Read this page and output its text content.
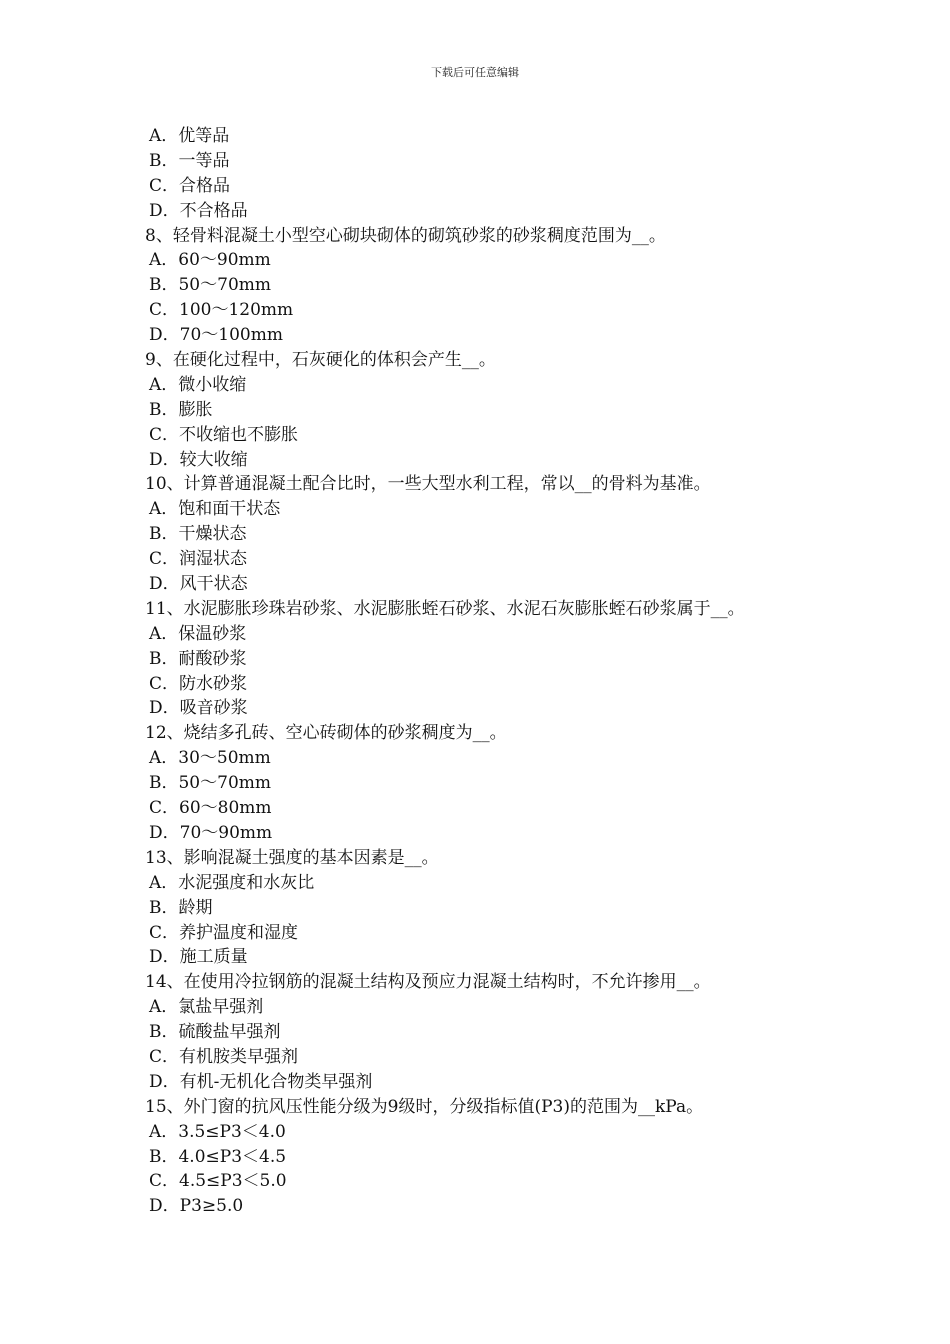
下载后可任意编辑
A．优等品
B．一等品
C．合格品
D．不合格品
8、轻骨料混凝土小型空心砌块砌体的砌筑砂浆的砂浆稠度范围为__。
A．60～90mm
B．50～70mm
C．100～120mm
D．70～100mm
9、在硬化过程中，石灰硬化的体积会产生__。
A．微小收缩
B．膨胀
C．不收缩也不膨胀
D．较大收缩
10、计算普通混凝土配合比时，一些大型水利工程，常以__的骨料为基准。
A．饱和面干状态
B．干燥状态
C．润湿状态
D．风干状态
11、水泥膨胀珍珠岩砂浆、水泥膨胀蛭石砂浆、水泥石灰膨胀蛭石砂浆属于__。
A．保温砂浆
B．耐酸砂浆
C．防水砂浆
D．吸音砂浆
12、烧结多孔砖、空心砖砌体的砂浆稠度为__。
A．30～50mm
B．50～70mm
C．60～80mm
D．70～90mm
13、影响混凝土强度的基本因素是__。
A．水泥强度和水灰比
B．龄期
C．养护温度和湿度
D．施工质量
14、在使用冷拉钢筋的混凝土结构及预应力混凝土结构时，不允许掺用__。
A．氯盐早强剂
B．硫酸盐早强剂
C．有机胺类早强剂
D．有机-无机化合物类早强剂
15、外门窗的抗风压性能分级为9级时，分级指标值(P3)的范围为__kPa。
A．3.5≤P3＜4.0
B．4.0≤P3＜4.5
C．4.5≤P3＜5.0
D．P3≥5.0
